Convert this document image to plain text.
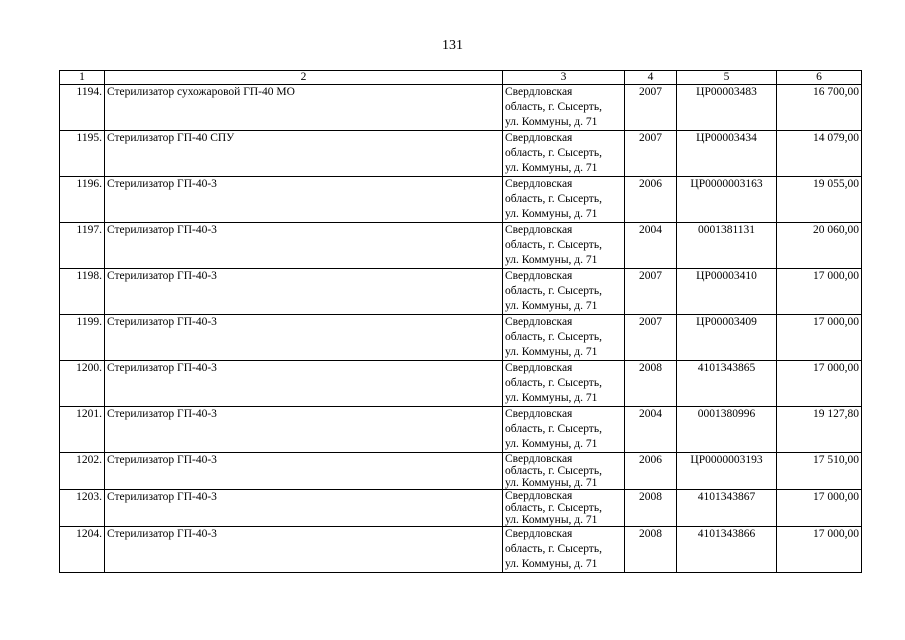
131
1	2	3	4	5	6
1194.	Стерилизатор сухожаровой ГП-40 МО	Свердловская
область, г. Сысерть,
ул. Коммуны, д. 71	2007	ЦР00003483	16 700,00
1195.	Стерилизатор ГП-40 СПУ	Свердловская
область, г. Сысерть,
ул. Коммуны, д. 71	2007	ЦР00003434	14 079,00
1196.	Стерилизатор ГП-40-3	Свердловская
область, г. Сысерть,
ул. Коммуны, д. 71	2006	ЦР0000003163	19 055,00
1197.	Стерилизатор ГП-40-3	Свердловская
область, г. Сысерть,
ул. Коммуны, д. 71	2004	0001381131	20 060,00
1198.	Стерилизатор ГП-40-3	Свердловская
область, г. Сысерть,
ул. Коммуны, д. 71	2007	ЦР00003410	17 000,00
1199.	Стерилизатор ГП-40-3	Свердловская
область, г. Сысерть,
ул. Коммуны, д. 71	2007	ЦР00003409	17 000,00
1200.	Стерилизатор ГП-40-3	Свердловская
область, г. Сысерть,
ул. Коммуны, д. 71	2008	4101343865	17 000,00
1201.	Стерилизатор ГП-40-3	Свердловская
область, г. Сысерть,
ул. Коммуны, д. 71	2004	0001380996	19 127,80
1202.	Стерилизатор ГП-40-3	Свердловская
область, г. Сысерть,
ул. Коммуны, д. 71	2006	ЦР0000003193	17 510,00
1203.	Стерилизатор ГП-40-3	Свердловская
область, г. Сысерть,
ул. Коммуны, д. 71	2008	4101343867	17 000,00
1204.	Стерилизатор ГП-40-3	Свердловская
область, г. Сысерть,
ул. Коммуны, д. 71	2008	4101343866	17 000,00
